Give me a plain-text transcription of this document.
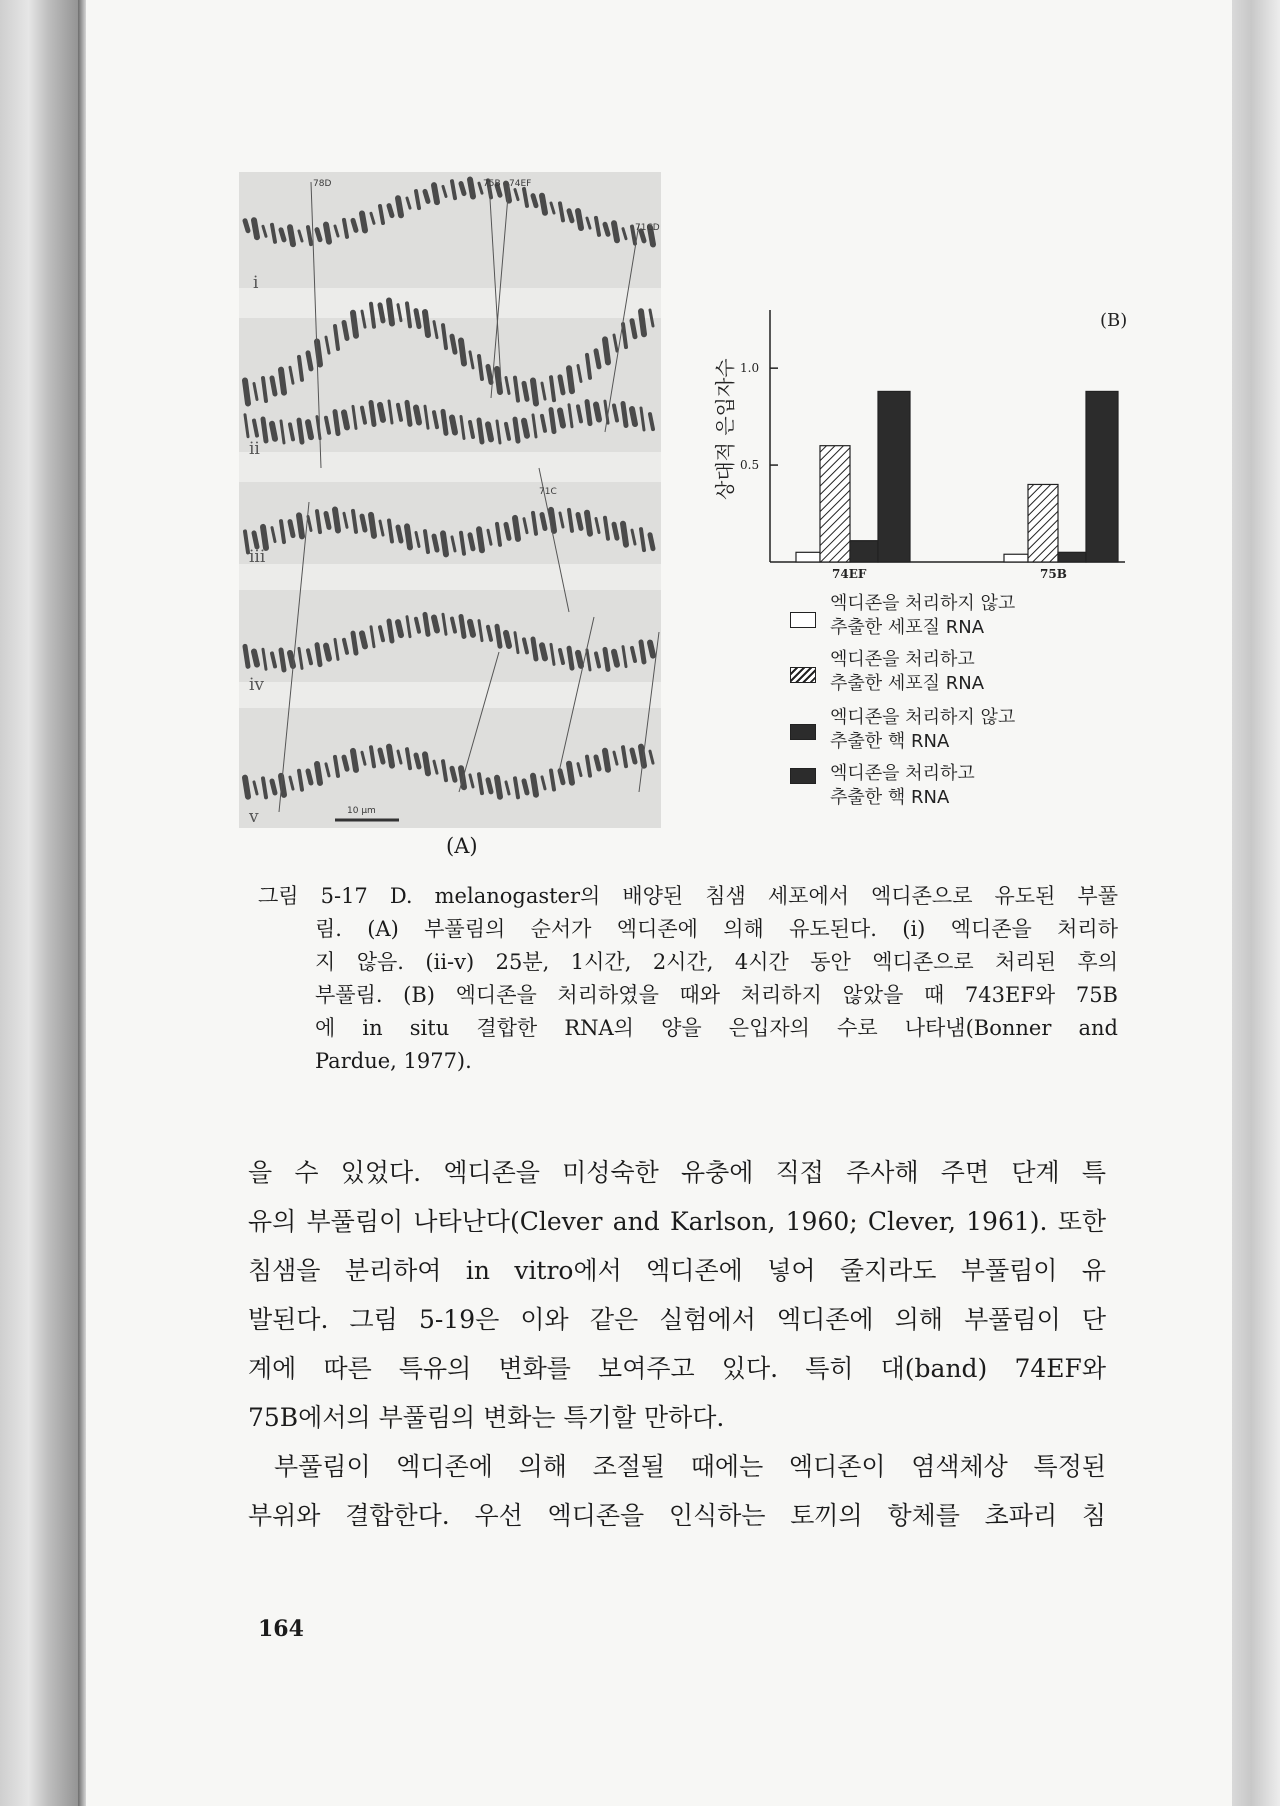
78D	75B 74EF
71CD
71C
i
ii
iii
iv
v	10 μm
(A)
(B)
상대적 은입자수 0.5
1.0
74EF	75B
엑디존을 처리하지 않고
추출한 세포질 RNA
엑디존을 처리하고
추출한 세포질 RNA
엑디존을 처리하지 않고
추출한 핵 RNA
엑디존을 처리하고
추출한 핵 RNA
그림 5-17 D. melanogaster의 배양된 침샘 세포에서 엑디존으로 유도된 부풀
림. (A) 부풀림의 순서가 엑디존에 의해 유도된다. (i) 엑디존을 처리하
지 않음. (ii-v) 25분, 1시간, 2시간, 4시간 동안 엑디존으로 처리된 후의
부풀림. (B) 엑디존을 처리하였을 때와 처리하지 않았을 때 743EF와 75B
에 in situ 결합한 RNA의 양을 은입자의 수로 나타냄(Bonner and
Pardue, 1977).
을 수 있었다. 엑디존을 미성숙한 유충에 직접 주사해 주면 단계 특
유의 부풀림이 나타난다(Clever and Karlson, 1960; Clever, 1961). 또한
침샘을 분리하여 in vitro에서 엑디존에 넣어 줄지라도 부풀림이 유
발된다. 그림 5-19은 이와 같은 실험에서 엑디존에 의해 부풀림이 단
계에 따른 특유의 변화를 보여주고 있다. 특히 대(band) 74EF와
75B에서의 부풀림의 변화는 특기할 만하다.
부풀림이 엑디존에 의해 조절될 때에는 엑디존이 염색체상 특정된
부위와 결합한다. 우선 엑디존을 인식하는 토끼의 항체를 초파리 침
164
